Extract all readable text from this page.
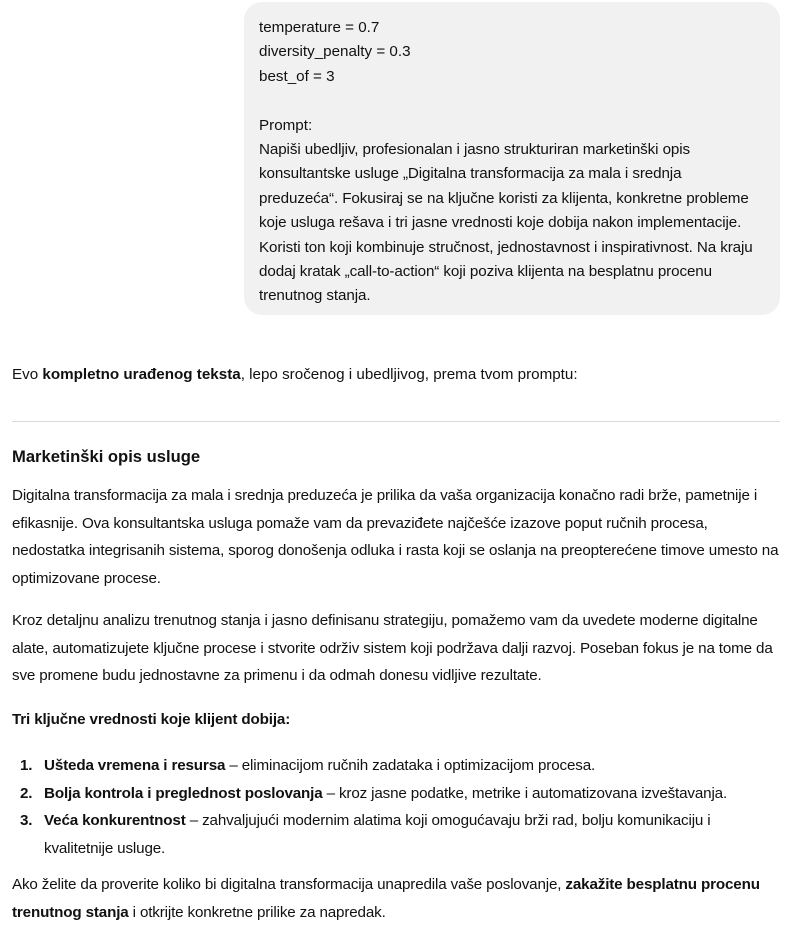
temperature = 0.7
diversity_penalty = 0.3
best_of = 3
Prompt:
Napiši ubedljiv, profesionalan i jasno strukturiran marketinški opis konsultantske usluge „Digitalna transformacija za mala i srednja preduzeća“. Fokusiraj se na ključne koristi za klijenta, konkretne probleme koje usluga rešava i tri jasne vrednosti koje dobija nakon implementacije. Koristi ton koji kombinuje stručnost, jednostavnost i inspirativnost. Na kraju dodaj kratak „call-to-action“ koji poziva klijenta na besplatnu procenu trenutnog stanja.
Evo kompletno urađenog teksta, lepo sročenog i ubedljivog, prema tvom promptu:
Marketinški opis usluge
Digitalna transformacija za mala i srednja preduzeća je prilika da vaša organizacija konačno radi brže, pametnije i efikasnije. Ova konsultantska usluga pomaže vam da prevaziđete najčešće izazove poput ručnih procesa, nedostatka integrisanih sistema, sporog donošenja odluka i rasta koji se oslanja na preopterećene timove umesto na optimizovane procese.
Kroz detaljnu analizu trenutnog stanja i jasno definisanu strategiju, pomažemo vam da uvedete moderne digitalne alate, automatizujete ključne procese i stvorite održiv sistem koji podržava dalji razvoj. Poseban fokus je na tome da sve promene budu jednostavne za primenu i da odmah donesu vidljive rezultate.
Tri ključne vrednosti koje klijent dobija:
1. Ušteda vremena i resursa – eliminacijom ručnih zadataka i optimizacijom procesa.
2. Bolja kontrola i preglednost poslovanja – kroz jasne podatke, metrike i automatizovana izveštavanja.
3. Veća konkurentnost – zahvaljujući modernim alatima koji omogućavaju brži rad, bolju komunikaciju i kvalitetnije usluge.
Ako želite da proverite koliko bi digitalna transformacija unapredila vaše poslovanje, zakažite besplatnu procenu trenutnog stanja i otkrijte konkretne prilike za napredak.
